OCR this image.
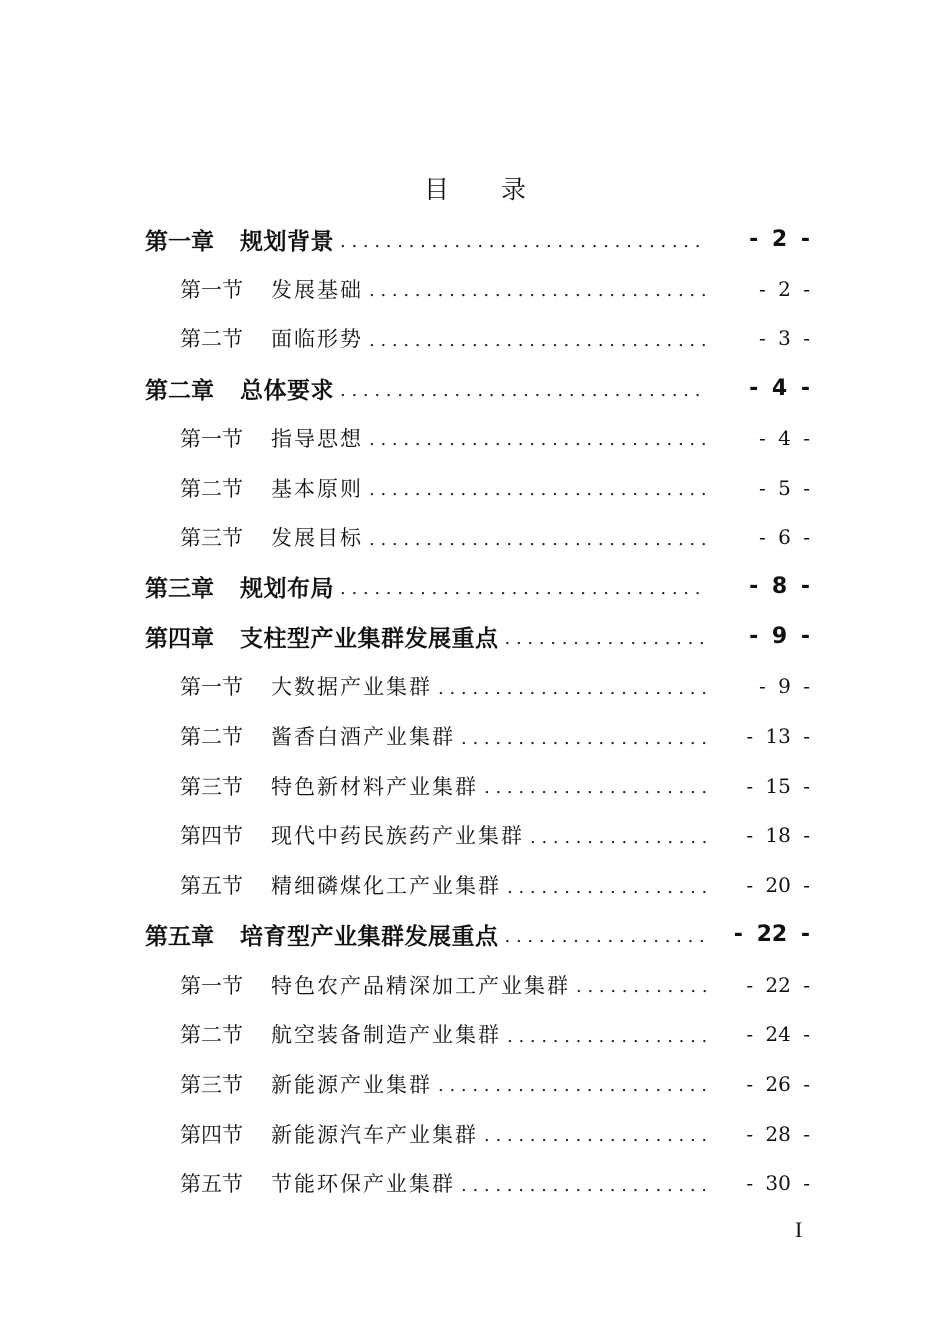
目 录
第一章 规划背景 . . .	- 2 -
第一节 发展基础 . . .	- 2 -
第二节 面临形势 . . .	- 3 -
第二章 总体要求 . . .	- 4 -
第一节 指导思想 . . .	- 4 -
第二节 基本原则 . . .	- 5 -
第三节 发展目标 . . .	- 6 -
第三章 规划布局 . . .	- 8 -
第四章 支柱型产业集群发展重点 . . .	- 9 -
第一节 大数据产业集群 . . .	- 9 -
第二节 酱香白酒产业集群 . . .	- 13 -
第三节 特色新材料产业集群 . . .	- 15 -
第四节 现代中药民族药产业集群 . . .	- 18 -
第五节 精细磷煤化工产业集群 . . .	- 20 -
第五章 培育型产业集群发展重点 . . .	- 22 -
第一节 特色农产品精深加工产业集群 . . .	- 22 -
第二节 航空装备制造产业集群 . . .	- 24 -
第三节 新能源产业集群 . . .	- 26 -
第四节 新能源汽车产业集群 . . .	- 28 -
第五节 节能环保产业集群 . . .	- 30 -
I
